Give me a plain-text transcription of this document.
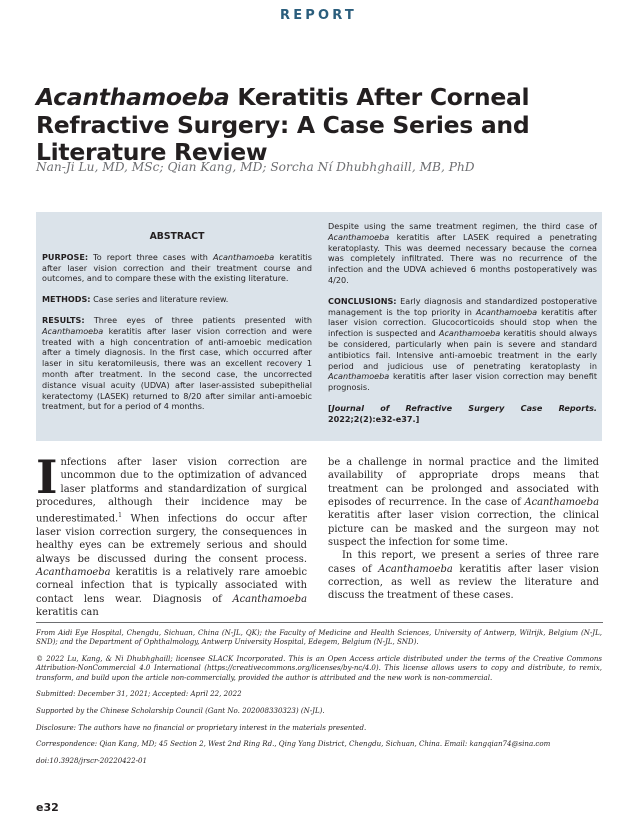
REPORT
Acanthamoeba Keratitis After Corneal Refractive Surgery: A Case Series and Literature Review
Nan-Ji Lu, MD, MSc; Qian Kang, MD; Sorcha Ní Dhubhghaill, MB, PhD
ABSTRACT

PURPOSE: To report three cases with Acanthamoeba keratitis after laser vision correction and their treatment course and outcomes, and to compare these with the existing literature.

METHODS: Case series and literature review.

RESULTS: Three eyes of three patients presented with Acanthamoeba keratitis after laser vision correction and were treated with a high concentration of anti-amoebic medication after a timely diagnosis. In the first case, which occurred after laser in situ keratomileusis, there was an excellent recovery 1 month after treatment. In the second case, the uncorrected distance visual acuity (UDVA) after laser-assisted subepithelial keratectomy (LASEK) returned to 8/20 after similar anti-amoebic treatment, but for a period of 4 months.

Despite using the same treatment regimen, the third case of Acanthamoeba keratitis after LASEK required a penetrating keratoplasty. This was deemed necessary because the cornea was completely infiltrated. There was no recurrence of the infection and the UDVA achieved 6 months postoperatively was 4/20.

CONCLUSIONS: Early diagnosis and standardized postoperative management is the top priority in Acanthamoeba keratitis after laser vision correction. Glucocorticoids should stop when the infection is suspected and Acanthamoeba keratitis should always be considered, particularly when pain is severe and standard antibiotics fail. Intensive anti-amoebic treatment in the early period and judicious use of penetrating keratoplasty in Acanthamoeba keratitis after laser vision correction may benefit prognosis.

[Journal of Refractive Surgery Case Reports. 2022;2(2):e32-e37.]

Infections after laser vision correction are uncommon due to the optimization of advanced laser platforms and standardization of surgical procedures, although their incidence may be underestimated.$^1$ When infections do occur after laser vision correction surgery, the consequences in healthy eyes can be extremely serious and should always be discussed during the consent process. Acanthamoeba keratitis is a relatively rare amoebic corneal infection that is typically associated with contact lens wear. Diagnosis of Acanthamoeba keratitis can

be a challenge in normal practice and the limited availability of appropriate drops means that treatment can be prolonged and associated with episodes of recurrence. In the case of Acanthamoeba keratitis after laser vision correction, the clinical picture can be masked and the surgeon may not suspect the infection for some time.

In this report, we present a series of three rare cases of Acanthamoeba keratitis after laser vision correction, as well as review the literature and discuss the treatment of these cases.

From Aidi Eye Hospital, Chengdu, Sichuan, China (N-JL, QK); the Faculty of Medicine and Health Sciences, University of Antwerp, Wilrijk, Belgium (N-JL, SND); and the Department of Ophthalmology, Antwerp University Hospital, Edegem, Belgium (N-JL, SND).

© 2022 Lu, Kang, & Ni Dhubhghaill; licensee SLACK Incorporated. This is an Open Access article distributed under the terms of the Creative Commons Attribution-NonCommercial 4.0 International (https://creativecommons.org/licenses/by-nc/4.0). This license allows users to copy and distribute, to remix, transform, and build upon the article non-commercially, provided the author is attributed and the new work is non-commercial.

Submitted: December 31, 2021; Accepted: April 22, 2022

Supported by the Chinese Scholarship Council (Gant No. 202008330323) (N-JL).

Disclosure: The authors have no financial or proprietary interest in the materials presented.

Correspondence: Qian Kang, MD; 45 Section 2, West 2nd Ring Rd., Qing Yang District, Chengdu, Sichuan, China. Email: kangqian74@sina.com

doi:10.3928/jrscr-20220422-01

e32
